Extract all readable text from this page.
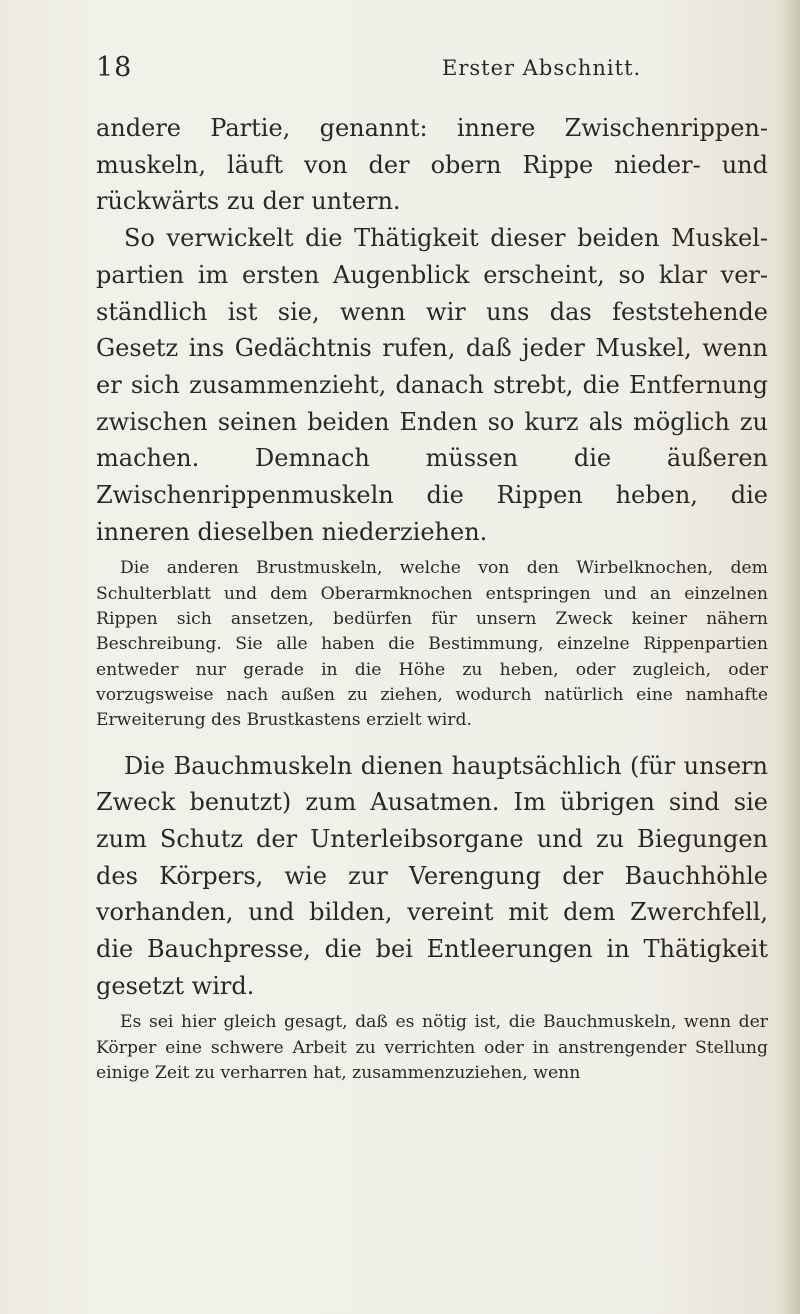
18	Erster Abschnitt.

andere Partie, genannt: innere Zwischenrippen-muskeln, läuft von der obern Rippe nieder- und rückwärts zu der untern.

So verwickelt die Thätigkeit dieser beiden Muskel-partien im ersten Augenblick erscheint, so klar ver-ständlich ist sie, wenn wir uns das feststehende Gesetz ins Gedächtnis rufen, daß jeder Muskel, wenn er sich zusammenzieht, danach strebt, die Entfernung zwischen seinen beiden Enden so kurz als möglich zu machen. Demnach müssen die äußeren Zwischenrippenmuskeln die Rippen heben, die inneren dieselben niederziehen.

Die anderen Brustmuskeln, welche von den Wirbelknochen, dem Schulterblatt und dem Oberarmknochen entspringen und an einzelnen Rippen sich ansetzen, bedürfen für unsern Zweck keiner nähern Beschreibung. Sie alle haben die Bestimmung, einzelne Rippenpartien entweder nur gerade in die Höhe zu heben, oder zugleich, oder vorzugsweise nach außen zu ziehen, wodurch natürlich eine namhafte Erweiterung des Brustkastens erzielt wird.

Die Bauchmuskeln dienen hauptsächlich (für unsern Zweck benutzt) zum Ausatmen. Im übrigen sind sie zum Schutz der Unterleibsorgane und zu Biegungen des Körpers, wie zur Verengung der Bauchhöhle vorhanden, und bilden, vereint mit dem Zwerchfell, die Bauchpresse, die bei Entleerungen in Thätigkeit gesetzt wird.

Es sei hier gleich gesagt, daß es nötig ist, die Bauchmuskeln, wenn der Körper eine schwere Arbeit zu verrichten oder in anstrengender Stellung einige Zeit zu verharren hat, zusammenzuziehen, wenn
